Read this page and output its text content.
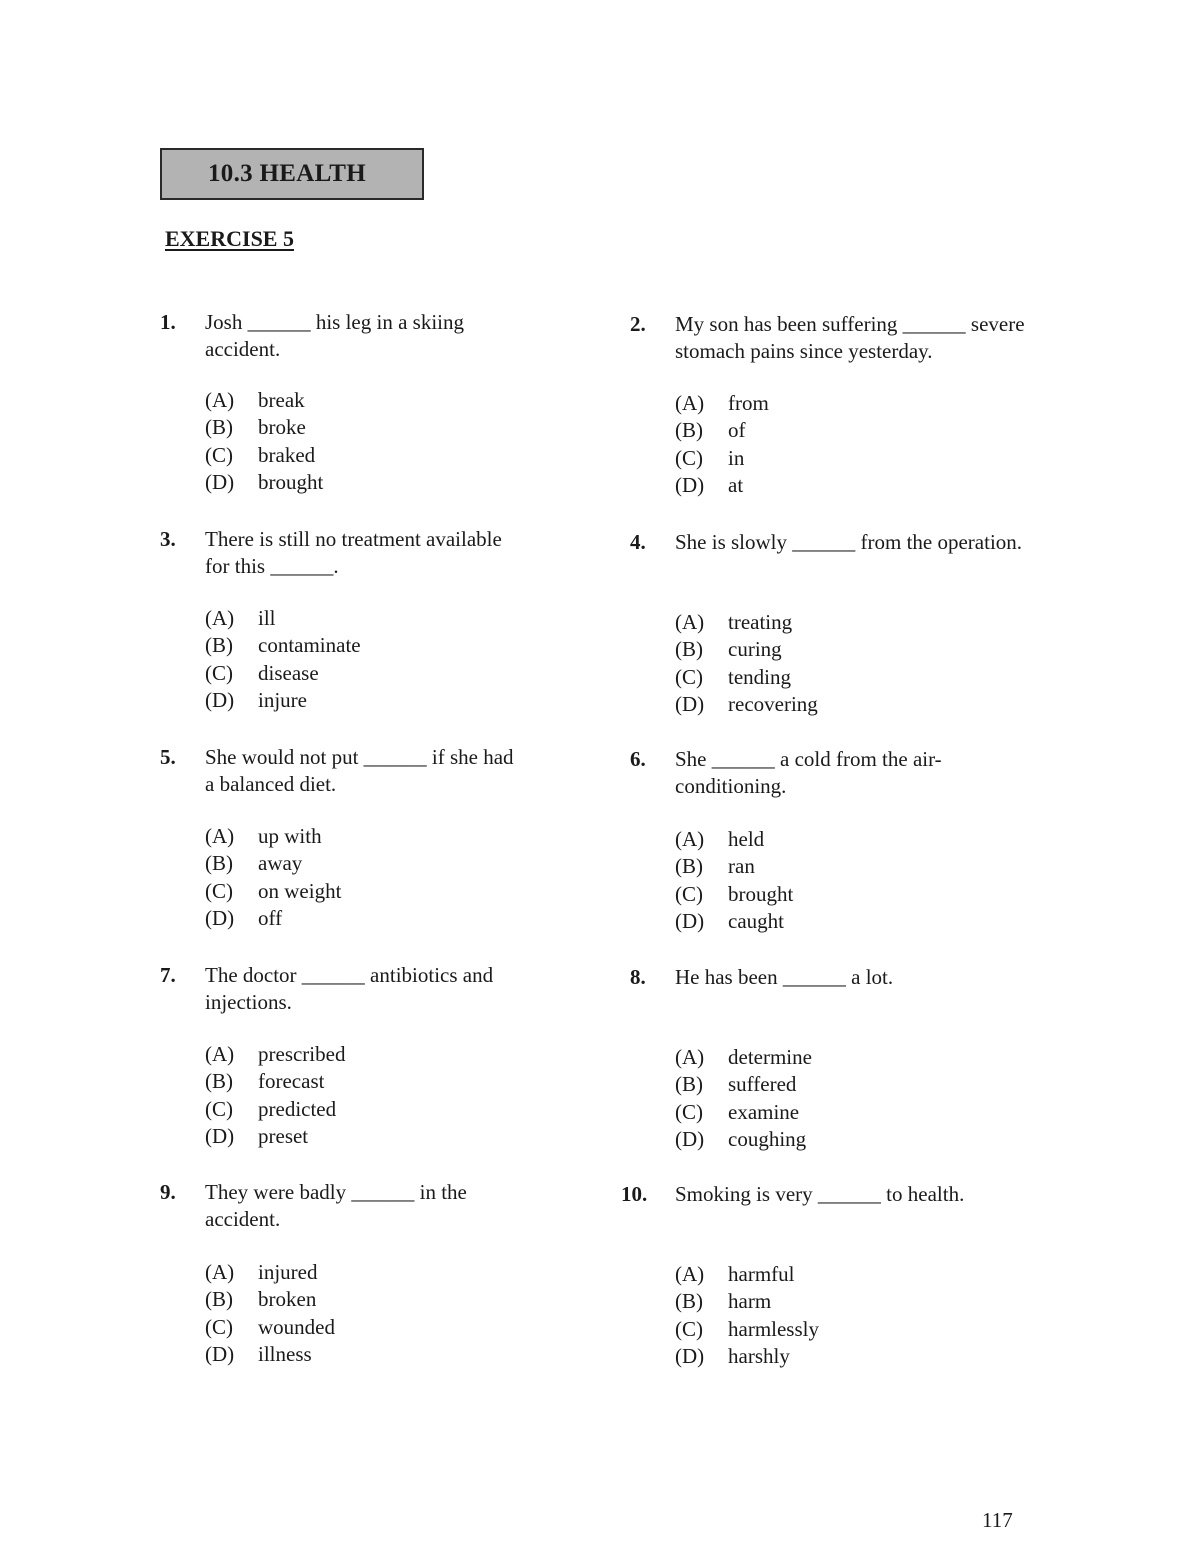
10.3 HEALTH
EXERCISE 5
1. Josh ______ his leg in a skiing
accident.
(A) break
(B) broke
(C) braked
(D) brought
2. My son has been suffering ______ severe
stomach pains since yesterday.
(A) from
(B) of
(C) in
(D) at
3. There is still no treatment available
for this ______.
(A) ill
(B) contaminate
(C) disease
(D) injure
4. She is slowly ______ from the operation.
(A) treating
(B) curing
(C) tending
(D) recovering
5. She would not put ______ if she had
a balanced diet.
(A) up with
(B) away
(C) on weight
(D) off
6. She ______ a cold from the air-
conditioning.
(A) held
(B) ran
(C) brought
(D) caught
7. The doctor ______ antibiotics and
injections.
(A) prescribed
(B) forecast
(C) predicted
(D) preset
8. He has been ______ a lot.
(A) determine
(B) suffered
(C) examine
(D) coughing
9. They were badly ______ in the
accident.
(A) injured
(B) broken
(C) wounded
(D) illness
10. Smoking is very ______ to health.
(A) harmful
(B) harm
(C) harmlessly
(D) harshly
117
